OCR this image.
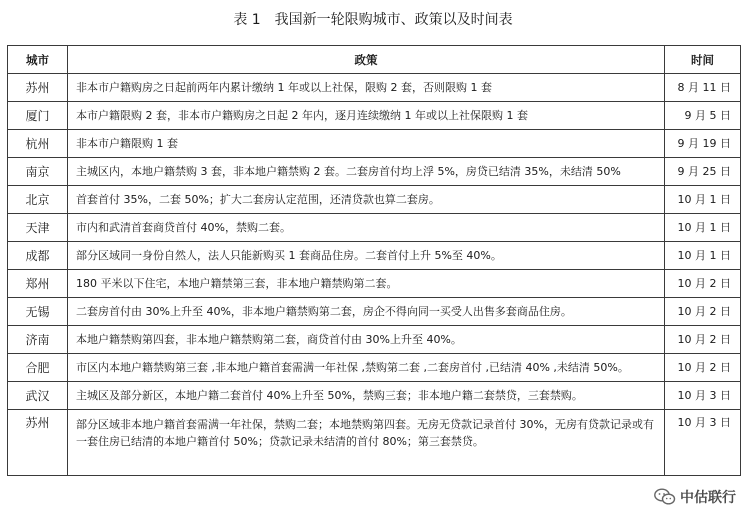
表 1 我国新一轮限购城市、政策以及时间表
城市	政策	时间
苏州	非本市户籍购房之日起前两年内累计缴纳 1 年或以上社保，限购 2 套，否则限购 1 套	8 月 11 日
厦门	本市户籍限购 2 套，非本市户籍购房之日起 2 年内，逐月连续缴纳 1 年或以上社保限购 1 套	9 月 5 日
杭州	非本市户籍限购 1 套	9 月 19 日
南京	主城区内，本地户籍禁购 3 套，非本地户籍禁购 2 套。二套房首付均上浮 5%，房贷已结清 35%，未结清 50%	9 月 25 日
北京	首套首付 35%，二套 50%；扩大二套房认定范围，还清贷款也算二套房。	10 月 1 日
天津	市内和武清首套商贷首付 40%，禁购二套。	10 月 1 日
成都	部分区域同一身份自然人，法人只能新购买 1 套商品住房。二套首付上升 5%至 40%。	10 月 1 日
郑州	180 平米以下住宅，本地户籍禁第三套，非本地户籍禁购第二套。	10 月 2 日
无锡	二套房首付由 30%上升至 40%，非本地户籍禁购第二套，房企不得向同一买受人出售多套商品住房。	10 月 2 日
济南	本地户籍禁购第四套，非本地户籍禁购第二套，商贷首付由 30%上升至 40%。	10 月 2 日
合肥	市区内本地户籍禁购第三套 ,非本地户籍首套需满一年社保 ,禁购第二套 ,二套房首付 ,已结清 40% ,未结清 50%。	10 月 2 日
武汉	主城区及部分新区，本地户籍二套首付 40%上升至 50%，禁购三套；非本地户籍二套禁贷，三套禁购。	10 月 3 日
苏州	部分区域非本地户籍首套需满一年社保，禁购二套；本地禁购第四套。无房无贷款记录首付 30%，无房有贷款记录或有一套住房已结清的本地户籍首付 50%；贷款记录未结清的首付 80%；第三套禁贷。	10 月 3 日
中估联行
